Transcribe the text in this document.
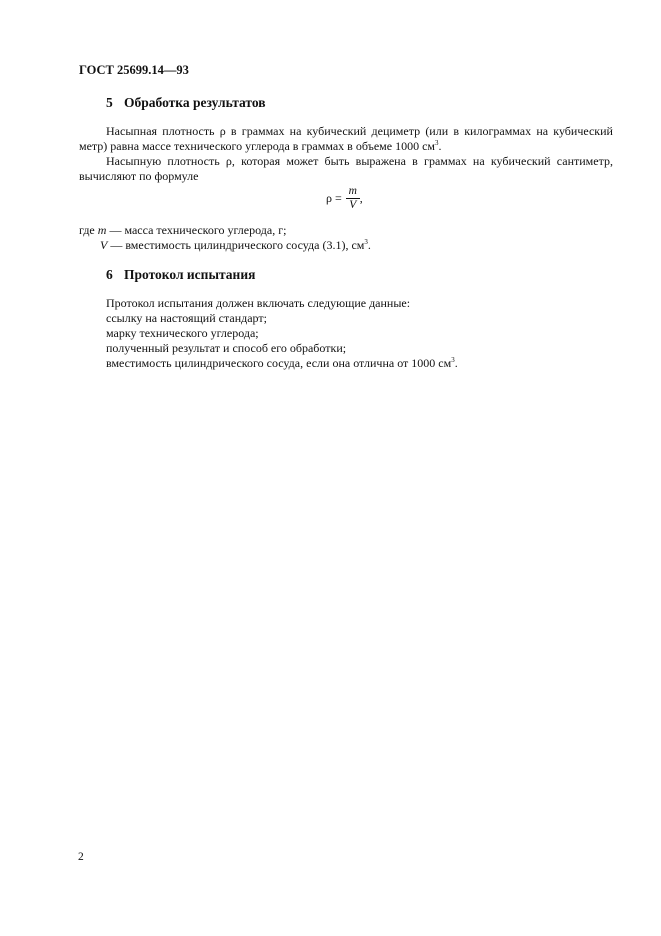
ГОСТ 25699.14—93
5 Обработка результатов
Насыпная плотность ρ в граммах на кубический дециметр (или в килограммах на кубический метр) равна массе технического углерода в граммах в объеме 1000 $см^3$.
Насыпную плотность ρ, которая может быть выражена в граммах на кубический сантиметр, вычисляют по формуле
$\rho = \frac{m}{V}$ ,
где m — масса технического углерода, г;
V — вместимость цилиндрического сосуда (3.1), $см^3$.
6 Протокол испытания
Протокол испытания должен включать следующие данные:
ссылку на настоящий стандарт;
марку технического углерода;
полученный результат и способ его обработки;
вместимость цилиндрического сосуда, если она отлична от 1000 $см^3$.
2
